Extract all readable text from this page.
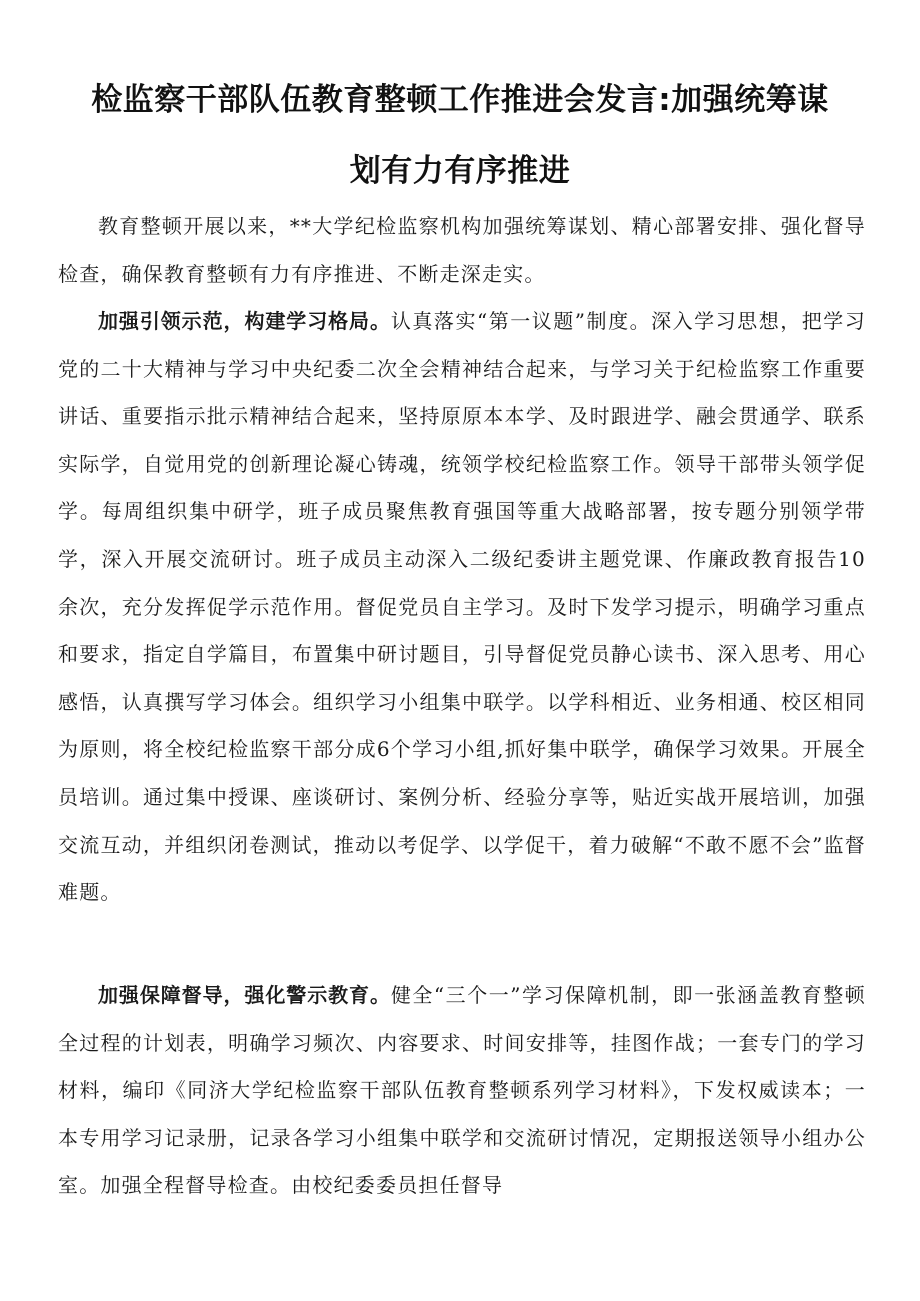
检监察干部队伍教育整顿工作推进会发言:加强统筹谋
划有力有序推进

教育整顿开展以来，**大学纪检监察机构加强统筹谋划、精心部署安排、强化督导检查，确保教育整顿有力有序推进、不断走深走实。

加强引领示范，构建学习格局。认真落实“第一议题”制度。深入学习思想，把学习党的二十大精神与学习中央纪委二次全会精神结合起来，与学习关于纪检监察工作重要讲话、重要指示批示精神结合起来，坚持原原本本学、及时跟进学、融会贯通学、联系实际学，自觉用党的创新理论凝心铸魂，统领学校纪检监察工作。领导干部带头领学促学。每周组织集中研学，班子成员聚焦教育强国等重大战略部署，按专题分别领学带学，深入开展交流研讨。班子成员主动深入二级纪委讲主题党课、作廉政教育报告10余次，充分发挥促学示范作用。督促党员自主学习。及时下发学习提示，明确学习重点和要求，指定自学篇目，布置集中研讨题目，引导督促党员静心读书、深入思考、用心感悟，认真撰写学习体会。组织学习小组集中联学。以学科相近、业务相通、校区相同为原则，将全校纪检监察干部分成6个学习小组,抓好集中联学，确保学习效果。开展全员培训。通过集中授课、座谈研讨、案例分析、经验分享等，贴近实战开展培训，加强交流互动，并组织闭卷测试，推动以考促学、以学促干，着力破解“不敢不愿不会”监督难题。

加强保障督导，强化警示教育。健全“三个一”学习保障机制，即一张涵盖教育整顿全过程的计划表，明确学习频次、内容要求、时间安排等，挂图作战；一套专门的学习材料，编印《同济大学纪检监察干部队伍教育整顿系列学习材料》，下发权威读本；一本专用学习记录册，记录各学习小组集中联学和交流研讨情况，定期报送领导小组办公室。加强全程督导检查。由校纪委委员担任督导
